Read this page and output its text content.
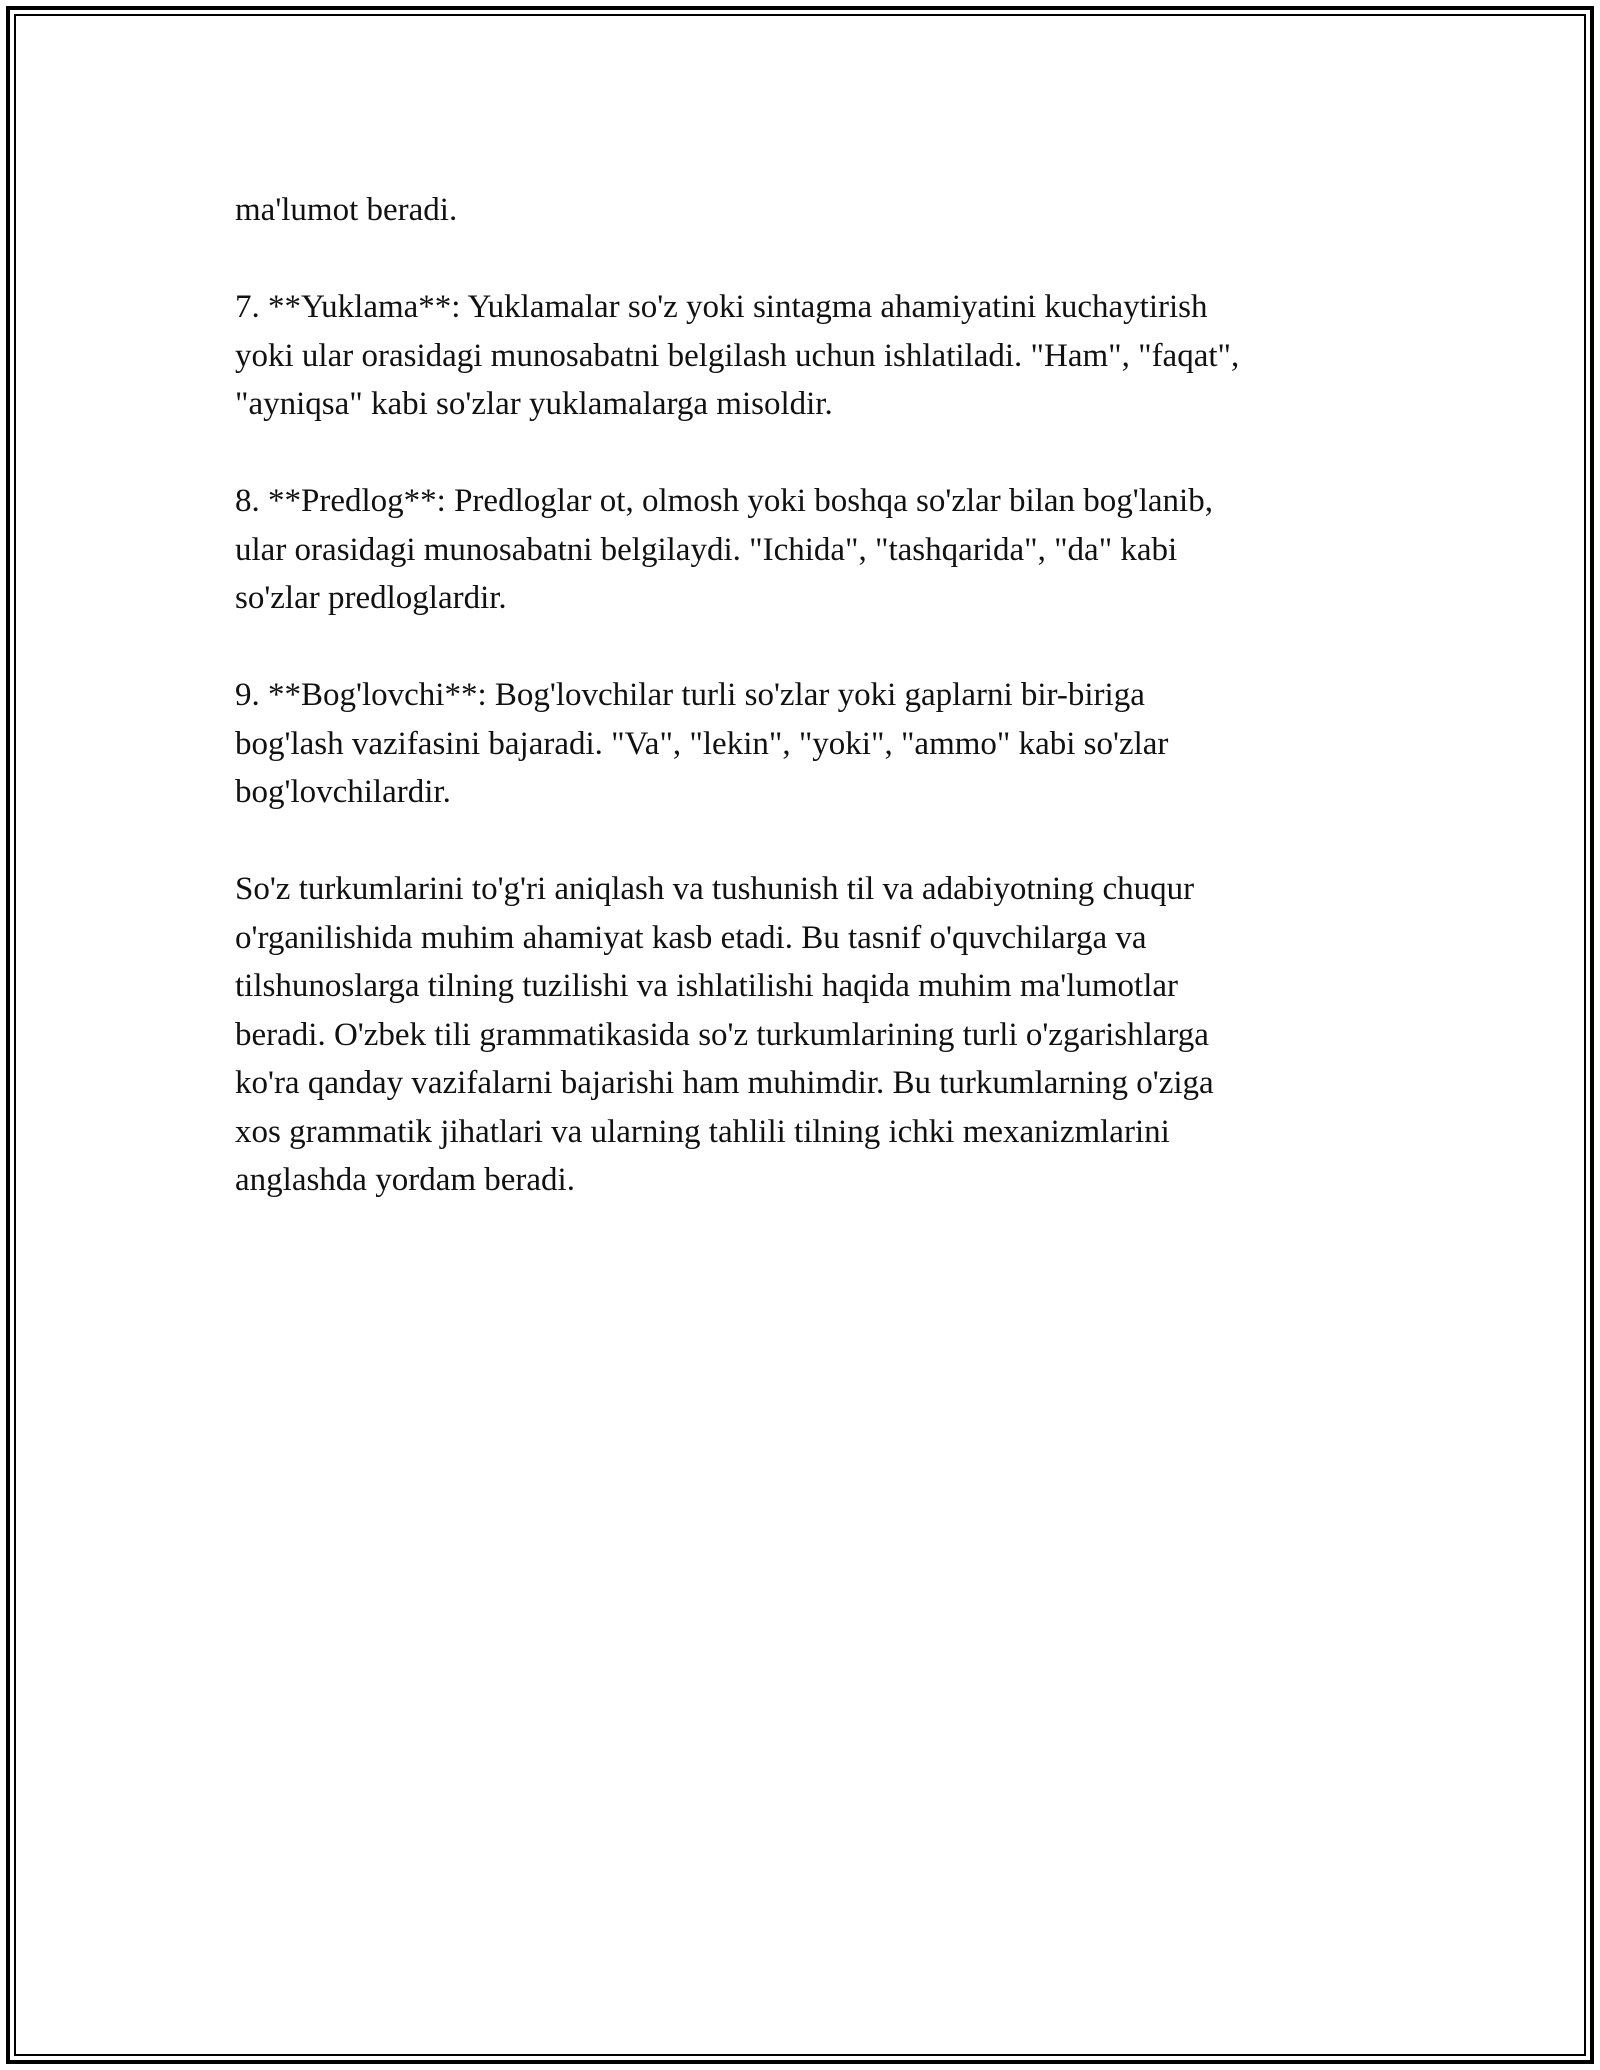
ma'lumot beradi.

7. **Yuklama**: Yuklamalar so'z yoki sintagma ahamiyatini kuchaytirish
yoki ular orasidagi munosabatni belgilash uchun ishlatiladi. "Ham", "faqat",
"ayniqsa" kabi so'zlar yuklamalarga misoldir.

8. **Predlog**: Predloglar ot, olmosh yoki boshqa so'zlar bilan bog'lanib,
ular orasidagi munosabatni belgilaydi. "Ichida", "tashqarida", "da" kabi
so'zlar predloglardir.

9. **Bog'lovchi**: Bog'lovchilar turli so'zlar yoki gaplarni bir-biriga
bog'lash vazifasini bajaradi. "Va", "lekin", "yoki", "ammo" kabi so'zlar
bog'lovchilardir.

So'z turkumlarini to'g'ri aniqlash va tushunish til va adabiyotning chuqur
o'rganilishida muhim ahamiyat kasb etadi. Bu tasnif o'quvchilarga va
tilshunoslarga tilning tuzilishi va ishlatilishi haqida muhim ma'lumotlar
beradi. O'zbek tili grammatikasida so'z turkumlarining turli o'zgarishlarga
ko'ra qanday vazifalarni bajarishi ham muhimdir. Bu turkumlarning o'ziga
xos grammatik jihatlari va ularning tahlili tilning ichki mexanizmlarini
anglashda yordam beradi.
